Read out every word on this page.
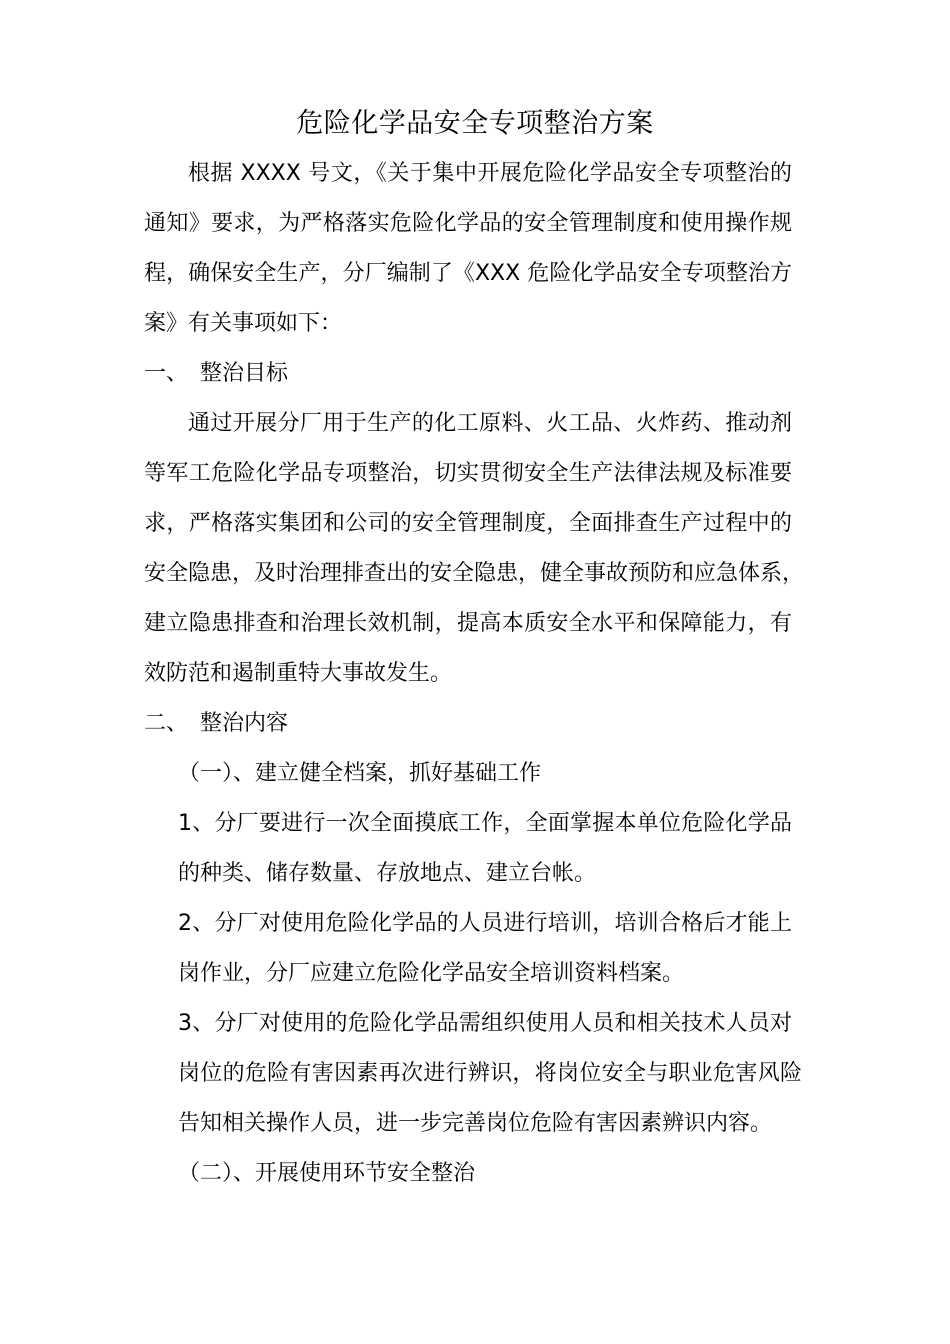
危险化学品安全专项整治方案
根据 XXXX 号文，《关于集中开展危险化学品安全专项整治的
通知》要求，为严格落实危险化学品的安全管理制度和使用操作规
程，确保安全生产，分厂编制了《XXX 危险化学品安全专项整治方
案》有关事项如下：
一、 整治目标
通过开展分厂用于生产的化工原料、火工品、火炸药、推动剂
等军工危险化学品专项整治，切实贯彻安全生产法律法规及标准要
求，严格落实集团和公司的安全管理制度，全面排查生产过程中的
安全隐患，及时治理排查出的安全隐患，健全事故预防和应急体系，
建立隐患排查和治理长效机制，提高本质安全水平和保障能力，有
效防范和遏制重特大事故发生。
二、 整治内容
（一）、建立健全档案，抓好基础工作
1、分厂要进行一次全面摸底工作，全面掌握本单位危险化学品
的种类、储存数量、存放地点、建立台帐。
2、分厂对使用危险化学品的人员进行培训，培训合格后才能上
岗作业，分厂应建立危险化学品安全培训资料档案。
3、分厂对使用的危险化学品需组织使用人员和相关技术人员对
岗位的危险有害因素再次进行辨识，将岗位安全与职业危害风险
告知相关操作人员，进一步完善岗位危险有害因素辨识内容。
（二）、开展使用环节安全整治
